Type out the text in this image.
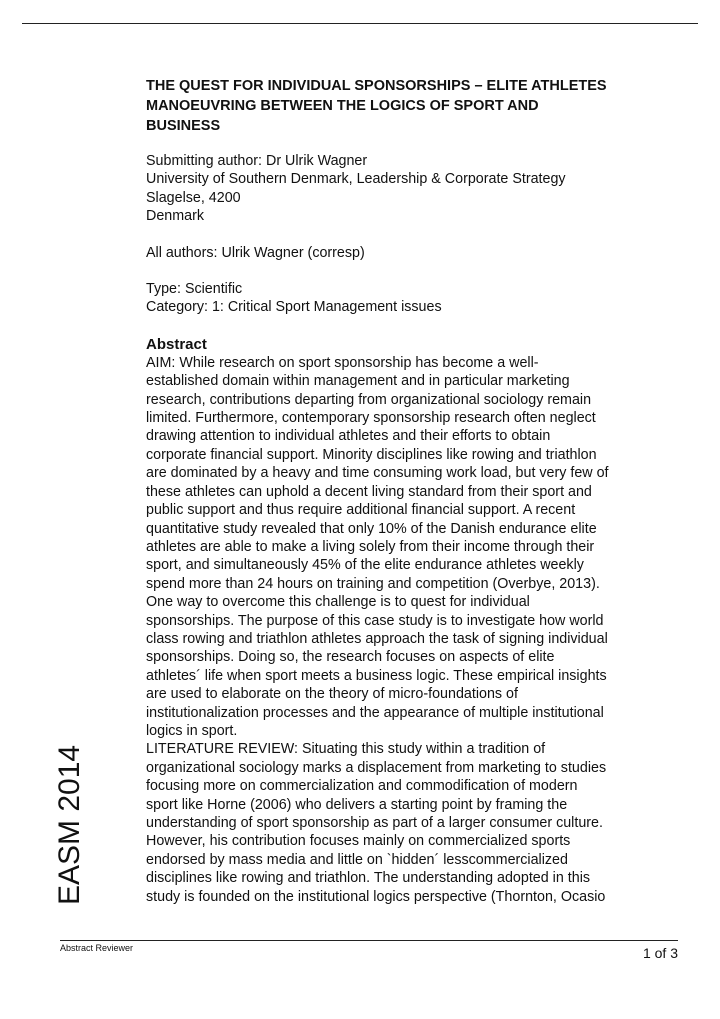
THE QUEST FOR INDIVIDUAL SPONSORSHIPS – ELITE ATHLETES MANOEUVRING BETWEEN THE LOGICS OF SPORT AND BUSINESS
Submitting author: Dr Ulrik Wagner
University of Southern Denmark, Leadership & Corporate Strategy
Slagelse, 4200
Denmark
All authors: Ulrik Wagner (corresp)
Type: Scientific
Category: 1: Critical Sport Management issues
Abstract
AIM: While research on sport sponsorship has become a well-
established domain within management and in particular marketing
research, contributions departing from organizational sociology remain
limited. Furthermore, contemporary sponsorship research often neglect
drawing attention to individual athletes and their efforts to obtain
corporate financial support. Minority disciplines like rowing and triathlon
are dominated by a heavy and time consuming work load, but very few of
these athletes can uphold a decent living standard from their sport and
public support and thus require additional financial support. A recent
quantitative study revealed that only 10% of the Danish endurance elite
athletes are able to make a living solely from their income through their
sport, and simultaneously 45% of the elite endurance athletes weekly
spend more than 24 hours on training and competition (Overbye, 2013).
One way to overcome this challenge is to quest for individual
sponsorships. The purpose of this case study is to investigate how world
class rowing and triathlon athletes approach the task of signing individual
sponsorships. Doing so, the research focuses on aspects of elite
athletes´ life when sport meets a business logic. These empirical insights
are used to elaborate on the theory of micro-foundations of
institutionalization processes and the appearance of multiple institutional
logics in sport.
LITERATURE REVIEW: Situating this study within a tradition of
organizational sociology marks a displacement from marketing to studies
focusing more on commercialization and commodification of modern
sport like Horne (2006) who delivers a starting point by framing the
understanding of sport sponsorship as part of a larger consumer culture.
However, his contribution focuses mainly on commercialized sports
endorsed by mass media and little on `hidden´ lesscommercialized
disciplines like rowing and triathlon. The understanding adopted in this
study is founded on the institutional logics perspective (Thornton, Ocasio
EASM 2014
Abstract Reviewer	1 of 3
